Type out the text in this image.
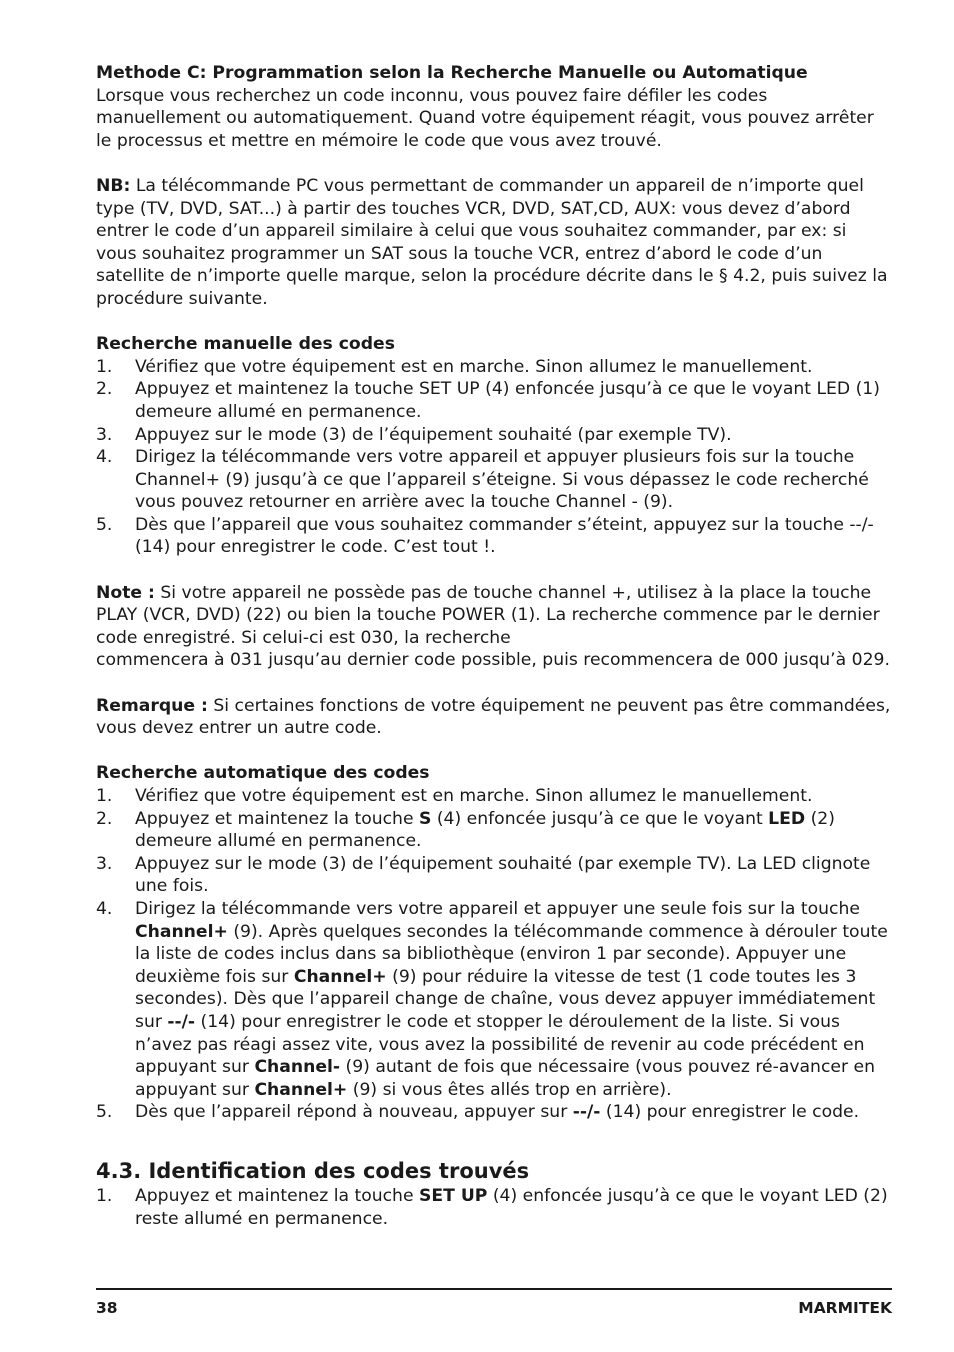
Methode C: Programmation selon la Recherche Manuelle ou Automatique

Lorsque vous recherchez un code inconnu, vous pouvez faire défiler les codes manuellement ou automatiquement. Quand votre équipement réagit, vous pouvez arrêter le processus et mettre en mémoire le code que vous avez trouvé.

NB: La télécommande PC vous permettant de commander un appareil de n’importe quel type (TV, DVD, SAT...) à partir des touches VCR, DVD, SAT,CD, AUX: vous devez d’abord entrer le code d’un appareil similaire à celui que vous souhaitez commander, par ex: si vous souhaitez programmer un SAT sous la touche VCR, entrez d’abord le code d’un satellite de n’importe quelle marque, selon la procédure décrite dans le § 4.2, puis suivez la procédure suivante.

Recherche manuelle des codes

1. Vérifiez que votre équipement est en marche. Sinon allumez le manuellement.
2. Appuyez et maintenez la touche SET UP (4) enfoncée jusqu’à ce que le voyant LED (1) demeure allumé en permanence.
3. Appuyez sur le mode (3) de l’équipement souhaité (par exemple TV).
4. Dirigez la télécommande vers votre appareil et appuyer plusieurs fois sur la touche Channel+ (9) jusqu’à ce que l’appareil s’éteigne. Si vous dépassez le code recherché vous pouvez retourner en arrière avec la touche Channel - (9).
5. Dès que l’appareil que vous souhaitez commander s’éteint, appuyez sur la touche --/- (14) pour enregistrer le code. C’est tout !.

Note : Si votre appareil ne possède pas de touche channel +, utilisez à la place la touche PLAY (VCR, DVD) (22) ou bien la touche POWER (1). La recherche commence par le dernier code enregistré. Si celui-ci est 030, la recherche

commencera à 031 jusqu’au dernier code possible, puis recommencera de 000 jusqu’à 029.

Remarque : Si certaines fonctions de votre équipement ne peuvent pas être commandées, vous devez entrer un autre code.

Recherche automatique des codes

1. Vérifiez que votre équipement est en marche. Sinon allumez le manuellement.
2. Appuyez et maintenez la touche S (4) enfoncée jusqu’à ce que le voyant LED (2) demeure allumé en permanence.
3. Appuyez sur le mode (3) de l’équipement souhaité (par exemple TV). La LED clignote une fois.
4. Dirigez la télécommande vers votre appareil et appuyer une seule fois sur la touche Channel+ (9). Après quelques secondes la télécommande commence à dérouler toute la liste de codes inclus dans sa bibliothèque (environ 1 par seconde). Appuyer une deuxième fois sur Channel+ (9) pour réduire la vitesse de test (1 code toutes les 3 secondes). Dès que l’appareil change de chaîne, vous devez appuyer immédiatement sur --/- (14) pour enregistrer le code et stopper le déroulement de la liste. Si vous n’avez pas réagi assez vite, vous avez la possibilité de revenir au code précédent en appuyant sur Channel- (9) autant de fois que nécessaire (vous pouvez ré-avancer en appuyant sur Channel+ (9) si vous êtes allés trop en arrière).
5. Dès que l’appareil répond à nouveau, appuyer sur --/- (14) pour enregistrer le code.

4.3. Identification des codes trouvés

1. Appuyez et maintenez la touche SET UP (4) enfoncée jusqu’à ce que le voyant LED (2) reste allumé en permanence.
38	MARMITEK
